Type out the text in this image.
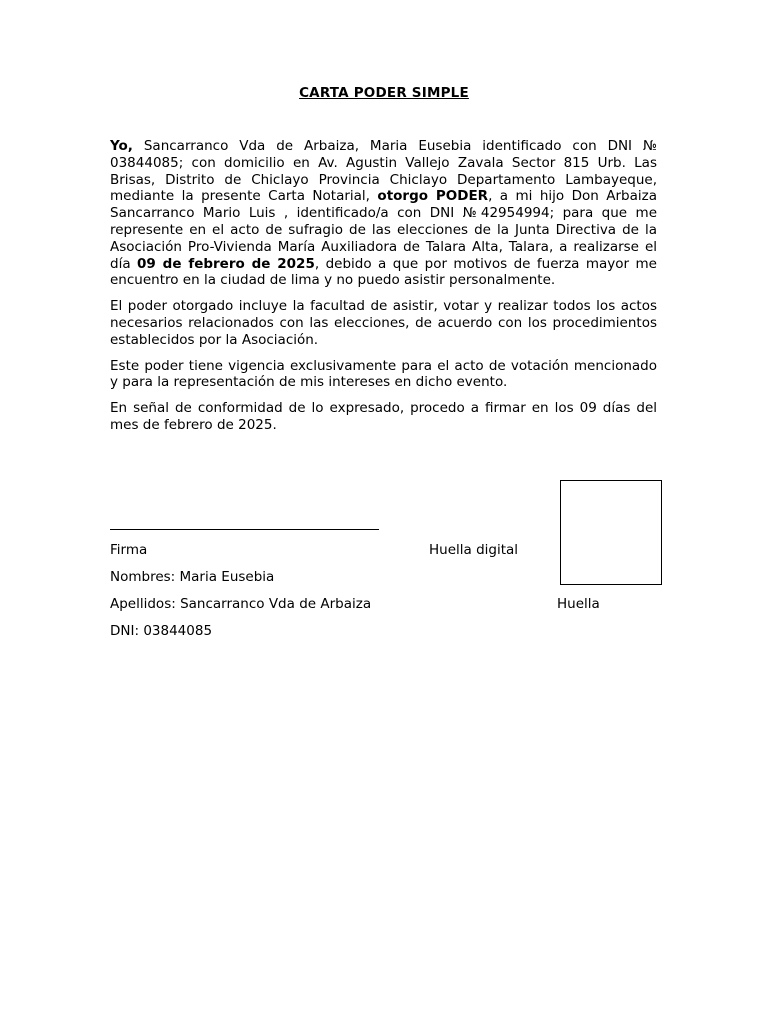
CARTA PODER SIMPLE

Yo, Sancarranco Vda de Arbaiza, Maria Eusebia identificado con DNI № 03844085; con domicilio en Av. Agustin Vallejo Zavala Sector 815 Urb. Las Brisas, Distrito de Chiclayo Provincia Chiclayo Departamento Lambayeque, mediante la presente Carta Notarial, otorgo PODER, a mi hijo Don Arbaiza Sancarranco Mario Luis , identificado/a con DNI №42954994; para que me represente en el acto de sufragio de las elecciones de la Junta Directiva de la Asociación Pro-Vivienda María Auxiliadora de Talara Alta, Talara, a realizarse el día 09 de febrero de 2025, debido a que por motivos de fuerza mayor me encuentro en la ciudad de lima y no puedo asistir personalmente.

El poder otorgado incluye la facultad de asistir, votar y realizar todos los actos necesarios relacionados con las elecciones, de acuerdo con los procedimientos establecidos por la Asociación.

Este poder tiene vigencia exclusivamente para el acto de votación mencionado y para la representación de mis intereses en dicho evento.

En señal de conformidad de lo expresado, procedo a firmar en los 09 días del mes de febrero de 2025.

Firma	Huella digital
Nombres: Maria Eusebia
Apellidos: Sancarranco Vda de Arbaiza	Huella
DNI: 03844085
